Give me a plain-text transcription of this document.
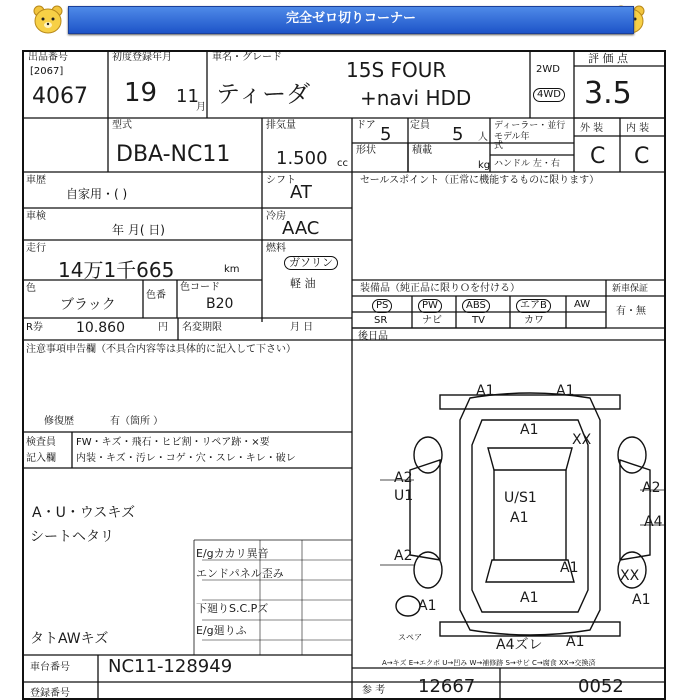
完全ゼロ切りコーナー
出品番号
[2067]
4067
初度登録年月
19 11
月
車名・グレード
ティーダ
15S FOUR
+navi HDD
2WD
4WD
評 価 点
3.5
型式
DBA-NC11
排気量
1.500 cc
ドア 5 定員 5 人
ディーラー・並行
モデル年式
形状	積載
kg ハンドル 左・右
外 装 内 装
C C
車歴
自家用・( )
車検
年 月( 日)
走行
14万1千665	km
色
ブラック
色番
色コード
B20
R券 10.860	円 名変期限	月 日
注意事項申告欄（不具合内容等は具体的に記入して下さい）
修復歴	有（箇所 ）
検査員
記入欄
FW・キズ・飛石・ヒビ割・リペア跡・×要
内装・キズ・汚レ・コゲ・穴・スレ・キレ・破レ
A・U・ウスキズ
シートヘタリ
E/gカカリ異音
エンドパネル歪み
下廻りS.C.Pズ
E/g廻りふ
タトAWキズ
シフト
AT
冷房
AAC
燃料
ガソリン
軽 油
セールスポイント（正常に機能するものに限ります）
装備品（純正品に限りＯを付ける）
PS	PW	ABS	エアB	AW
SR	ナビ	TV	カワ
新車保証
有・無
後日品
A1	A1
A1
XX
A2
U1
A2
U/S1
A1	A4
A2
XX
A1	A1	A1
A4ズレ A1
A1
スペア
A→キズ E→エクボ U→凹み W→補修跡 S→サビ C→腐食 XX→交換済
車台番号 NC11-128949
登録番号	参 考 12667	0052
